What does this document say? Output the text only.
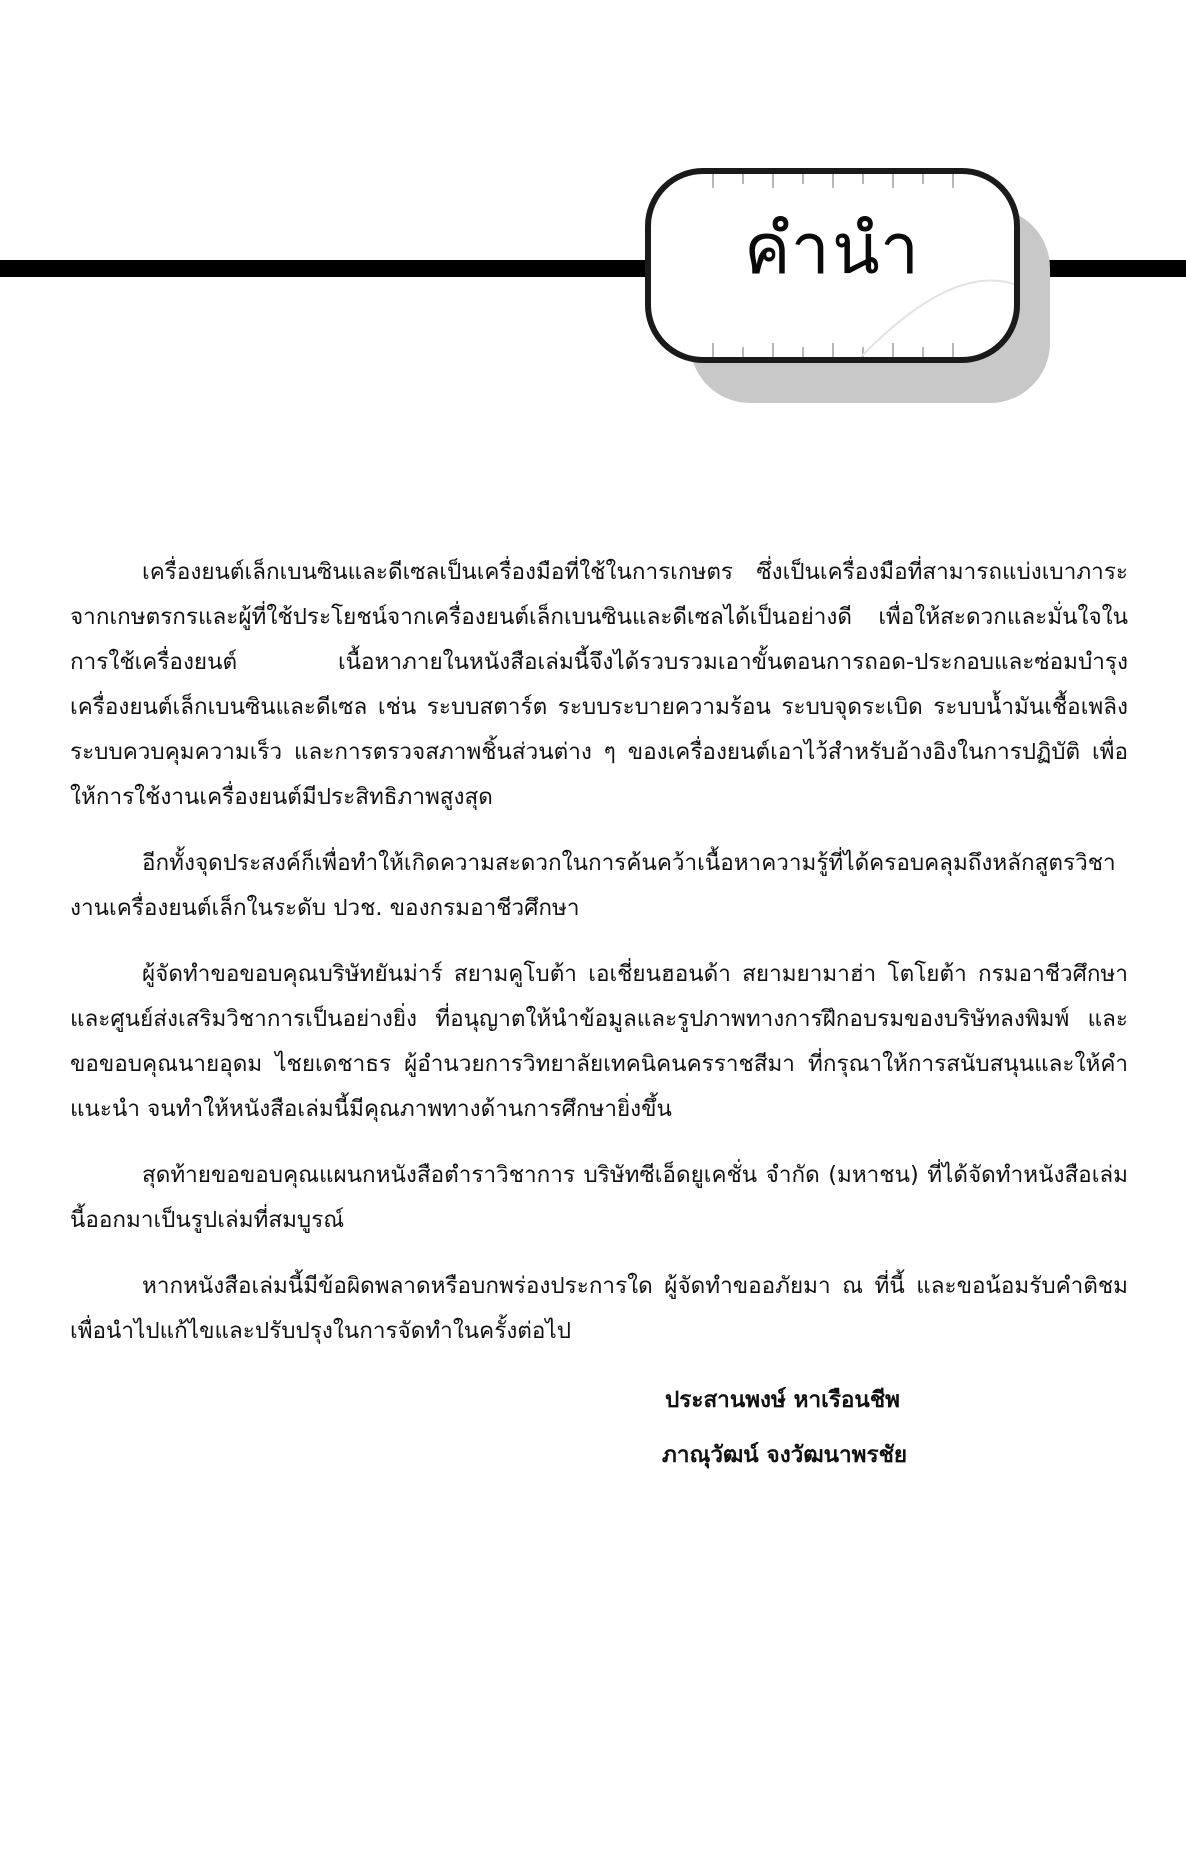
คำนำ

เครื่องยนต์เล็กเบนซินและดีเซลเป็นเครื่องมือที่ใช้ในการเกษตร ซึ่งเป็นเครื่องมือที่สามารถแบ่งเบาภาระจากเกษตรกรและผู้ที่ใช้ประโยชน์จากเครื่องยนต์เล็กเบนซินและดีเซลได้เป็นอย่างดี เพื่อให้สะดวกและมั่นใจในการใช้เครื่องยนต์ เนื้อหาภายในหนังสือเล่มนี้จึงได้รวบรวมเอาขั้นตอนการถอด-ประกอบและซ่อมบำรุงเครื่องยนต์เล็กเบนซินและดีเซล เช่น ระบบสตาร์ต ระบบระบายความร้อน ระบบจุดระเบิด ระบบน้ำมันเชื้อเพลิง ระบบควบคุมความเร็ว และการตรวจสภาพชิ้นส่วนต่าง ๆ ของเครื่องยนต์เอาไว้สำหรับอ้างอิงในการปฏิบัติ เพื่อให้การใช้งานเครื่องยนต์มีประสิทธิภาพสูงสุด

อีกทั้งจุดประสงค์ก็เพื่อทำให้เกิดความสะดวกในการค้นคว้าเนื้อหาความรู้ที่ได้ครอบคลุมถึงหลักสูตรวิชางานเครื่องยนต์เล็กในระดับ ปวช. ของกรมอาชีวศึกษา

ผู้จัดทำขอขอบคุณบริษัทยันม่าร์ สยามคูโบต้า เอเชี่ยนฮอนด้า สยามยามาฮ่า โตโยต้า กรมอาชีวศึกษา และศูนย์ส่งเสริมวิชาการเป็นอย่างยิ่ง ที่อนุญาตให้นำข้อมูลและรูปภาพทางการฝึกอบรมของบริษัทลงพิมพ์ และขอขอบคุณนายอุดม ไชยเดชาธร ผู้อำนวยการวิทยาลัยเทคนิคนครราชสีมา ที่กรุณาให้การสนับสนุนและให้คำแนะนำ จนทำให้หนังสือเล่มนี้มีคุณภาพทางด้านการศึกษายิ่งขึ้น

สุดท้ายขอขอบคุณแผนกหนังสือตำราวิชาการ บริษัทซีเอ็ดยูเคชั่น จำกัด (มหาชน) ที่ได้จัดทำหนังสือเล่มนี้ออกมาเป็นรูปเล่มที่สมบูรณ์

หากหนังสือเล่มนี้มีข้อผิดพลาดหรือบกพร่องประการใด ผู้จัดทำขออภัยมา ณ ที่นี้ และขอน้อมรับคำติชมเพื่อนำไปแก้ไขและปรับปรุงในการจัดทำในครั้งต่อไป

ประสานพงษ์ หาเรือนชีพ
ภาณุวัฒน์ จงวัฒนาพรชัย
